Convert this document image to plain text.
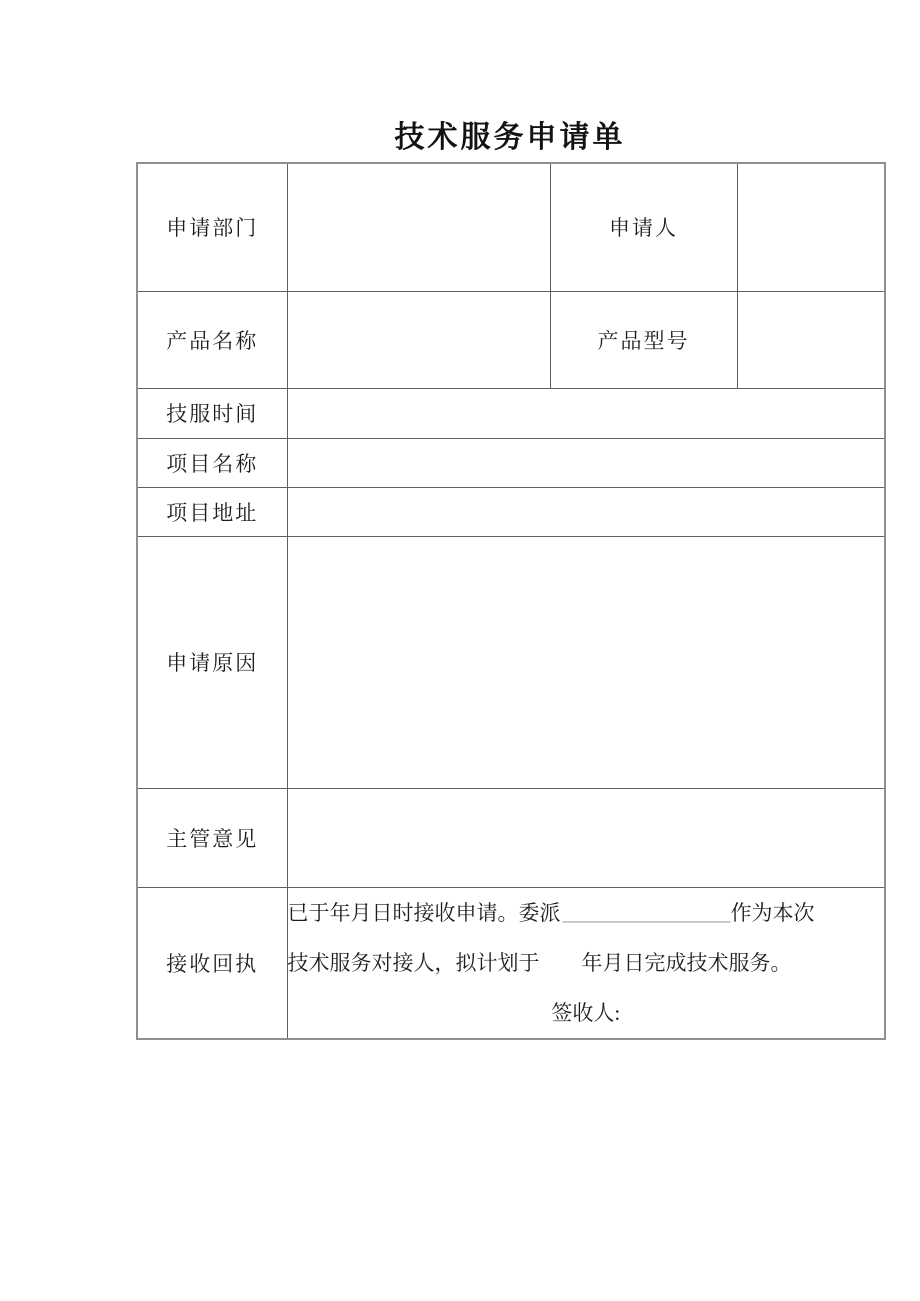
技术服务申请单
申请部门		申请人	
产品名称		产品型号	
技服时间			
项目名称			
项目地址			
申请原因			
主管意见			
接收回执	已于年月日时接收申请。委派________________作为本次
技术服务对接人，拟计划于　　年月日完成技术服务。
签收人:		
